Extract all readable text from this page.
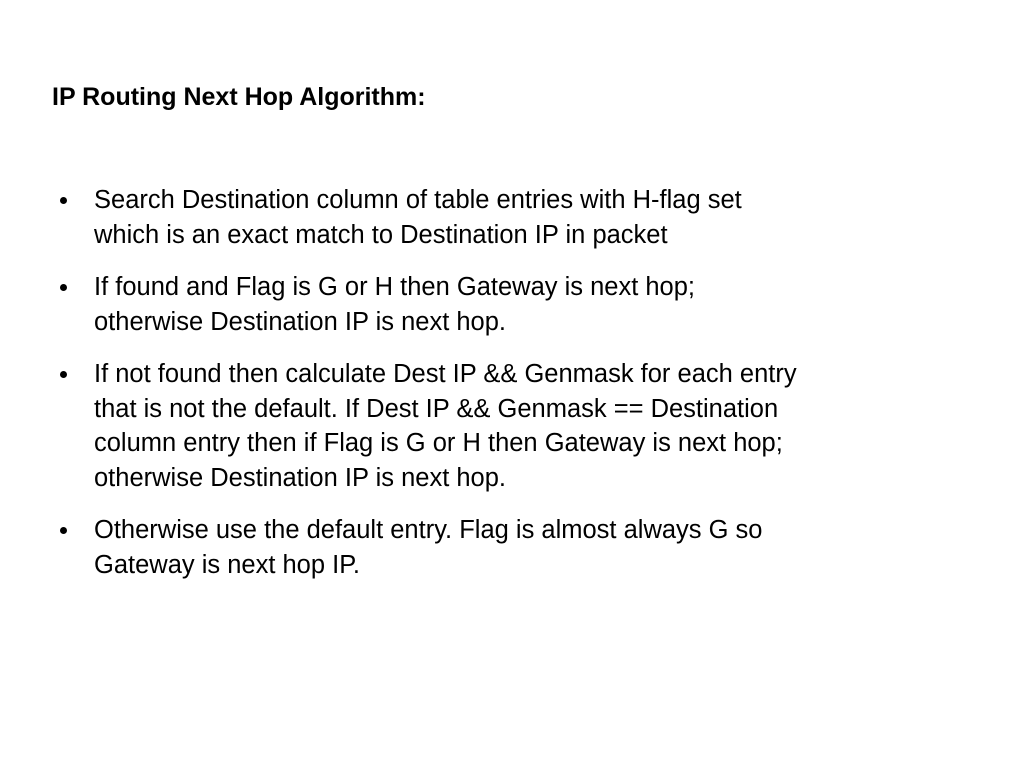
IP Routing Next Hop Algorithm:
Search Destination column of table entries with H-flag set
which is an exact match to Destination IP in packet
If found and Flag is G or H then Gateway is next hop;
otherwise Destination IP is next hop.
If not found then calculate Dest IP && Genmask for each entry
that is not the default. If Dest IP && Genmask == Destination
column entry then if Flag is G or H then Gateway is next hop;
otherwise Destination IP is next hop.
Otherwise use the default entry. Flag is almost always G so
Gateway is next hop IP.
